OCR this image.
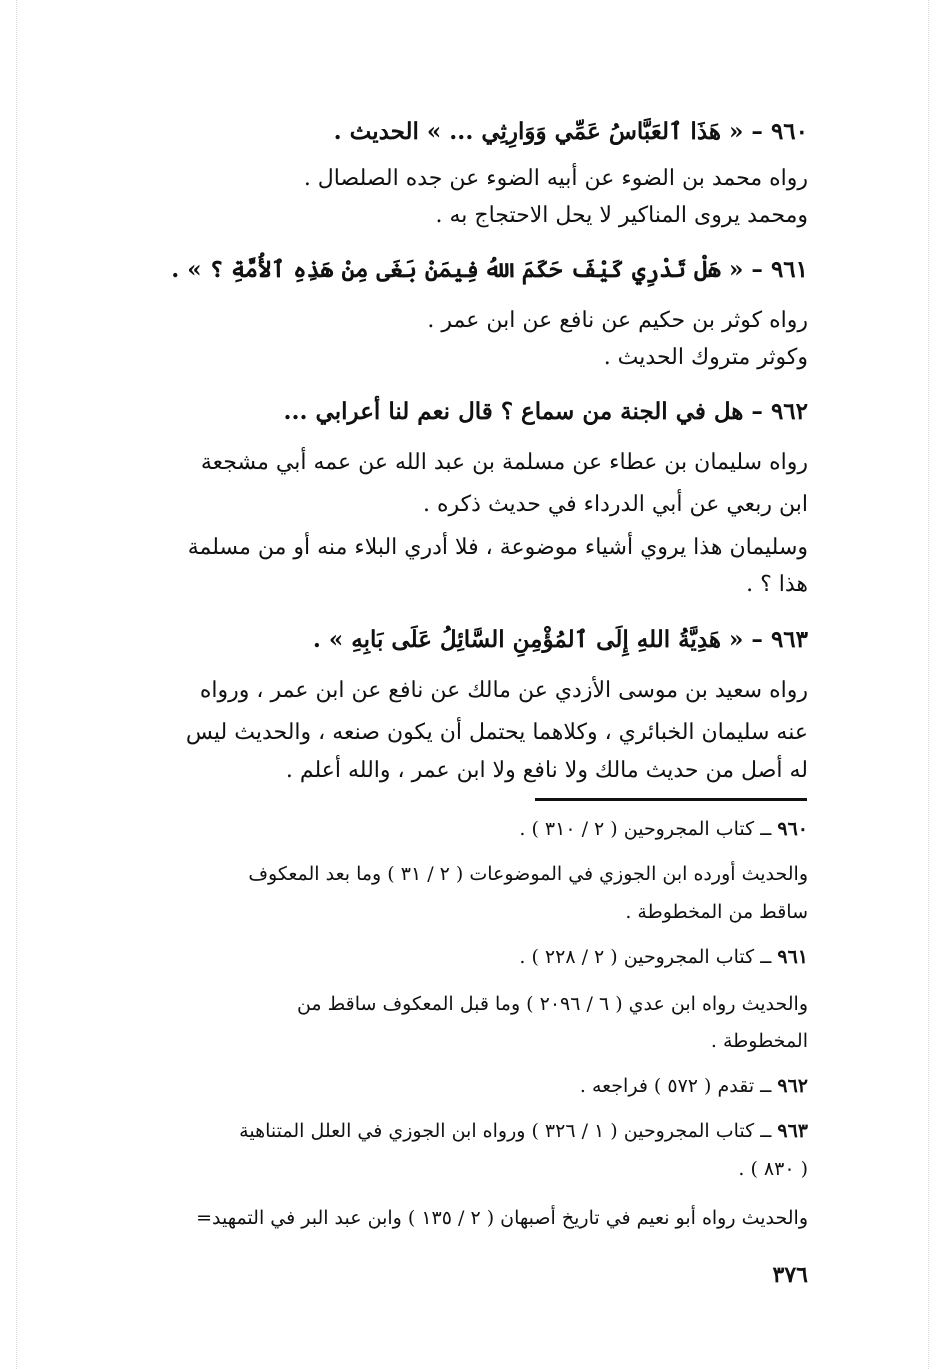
٩٦٠ – « هَذَا ٱلعَبَّاسُ عَمِّي وَوَارِثِي ... » الحديث .
رواه محمد بن الضوء عن أبيه الضوء عن جده الصلصال .
ومحمد يروى المناكير لا يحل الاحتجاج به .
٩٦١ – « هَلْ تَدْرِي كَيْفَ حَكَمَ اللهُ فِيمَنْ بَغَى مِنْ هَذِهِ ٱلأُمَّةِ ؟ » .
رواه كوثر بن حكيم عن نافع عن ابن عمر .
وكوثر متروك الحديث .
٩٦٢ – هل في الجنة من سماع ؟ قال نعم لنا أعرابي ...
رواه سليمان بن عطاء عن مسلمة بن عبد الله عن عمه أبي مشجعة
ابن ربعي عن أبي الدرداء في حديث ذكره .
وسليمان هذا يروي أشياء موضوعة ، فلا أدري البلاء منه أو من مسلمة
هذا ؟ .
٩٦٣ – « هَدِيَّةُ اللهِ إِلَى ٱلمُؤْمِنِ السَّائِلُ عَلَى بَابِهِ » .
رواه سعيد بن موسى الأزدي عن مالك عن نافع عن ابن عمر ، ورواه
عنه سليمان الخبائري ، وكلاهما يحتمل أن يكون صنعه ، والحديث ليس
له أصل من حديث مالك ولا نافع ولا ابن عمر ، والله أعلم .
٩٦٠ ــ كتاب المجروحين ( ٢ / ٣١٠ ) .
والحديث أورده ابن الجوزي في الموضوعات ( ٢ / ٣١ ) وما بعد المعكوف
ساقط من المخطوطة .
٩٦١ ــ كتاب المجروحين ( ٢ / ٢٢٨ ) .
والحديث رواه ابن عدي ( ٦ / ٢٠٩٦ ) وما قبل المعكوف ساقط من
المخطوطة .
٩٦٢ ــ تقدم ( ٥٧٢ ) فراجعه .
٩٦٣ ــ كتاب المجروحين ( ١ / ٣٢٦ ) ورواه ابن الجوزي في العلل المتناهية
( ٨٣٠ ) .
والحديث رواه أبو نعيم في تاريخ أصبهان ( ٢ / ١٣٥ ) وابن عبد البر في التمهيد=
٣٧٦
